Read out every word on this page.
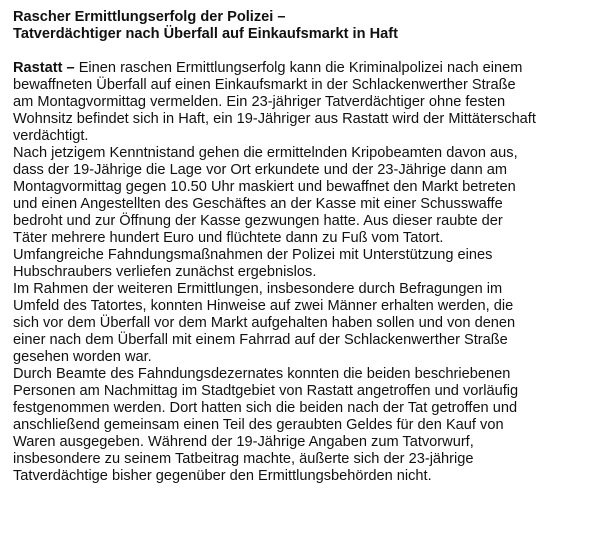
Rascher Ermittlungserfolg der Polizei –
Tatverdächtiger nach Überfall auf Einkaufsmarkt in Haft
Rastatt – Einen raschen Ermittlungserfolg kann die Kriminalpolizei nach einem
bewaffneten Überfall auf einen Einkaufsmarkt in der Schlackenwerther Straße
am Montagvormittag vermelden. Ein 23-jähriger Tatverdächtiger ohne festen
Wohnsitz befindet sich in Haft, ein 19-Jähriger aus Rastatt wird der Mittäterschaft
verdächtigt.
Nach jetzigem Kenntnistand gehen die ermittelnden Kripobeamten davon aus,
dass der 19-Jährige die Lage vor Ort erkundete und der 23-Jährige dann am
Montagvormittag gegen 10.50 Uhr maskiert und bewaffnet den Markt betreten
und einen Angestellten des Geschäftes an der Kasse mit einer Schusswaffe
bedroht und zur Öffnung der Kasse gezwungen hatte. Aus dieser raubte der
Täter mehrere hundert Euro und flüchtete dann zu Fuß vom Tatort.
Umfangreiche Fahndungsmaßnahmen der Polizei mit Unterstützung eines
Hubschraubers verliefen zunächst ergebnislos.
Im Rahmen der weiteren Ermittlungen, insbesondere durch Befragungen im
Umfeld des Tatortes, konnten Hinweise auf zwei Männer erhalten werden, die
sich vor dem Überfall vor dem Markt aufgehalten haben sollen und von denen
einer nach dem Überfall mit einem Fahrrad auf der Schlackenwerther Straße
gesehen worden war.
Durch Beamte des Fahndungsdezernates konnten die beiden beschriebenen
Personen am Nachmittag im Stadtgebiet von Rastatt angetroffen und vorläufig
festgenommen werden. Dort hatten sich die beiden nach der Tat getroffen und
anschließend gemeinsam einen Teil des geraubten Geldes für den Kauf von
Waren ausgegeben. Während der 19-Jährige Angaben zum Tatvorwurf,
insbesondere zu seinem Tatbeitrag machte, äußerte sich der 23-jährige
Tatverdächtige bisher gegenüber den Ermittlungsbehörden nicht.
